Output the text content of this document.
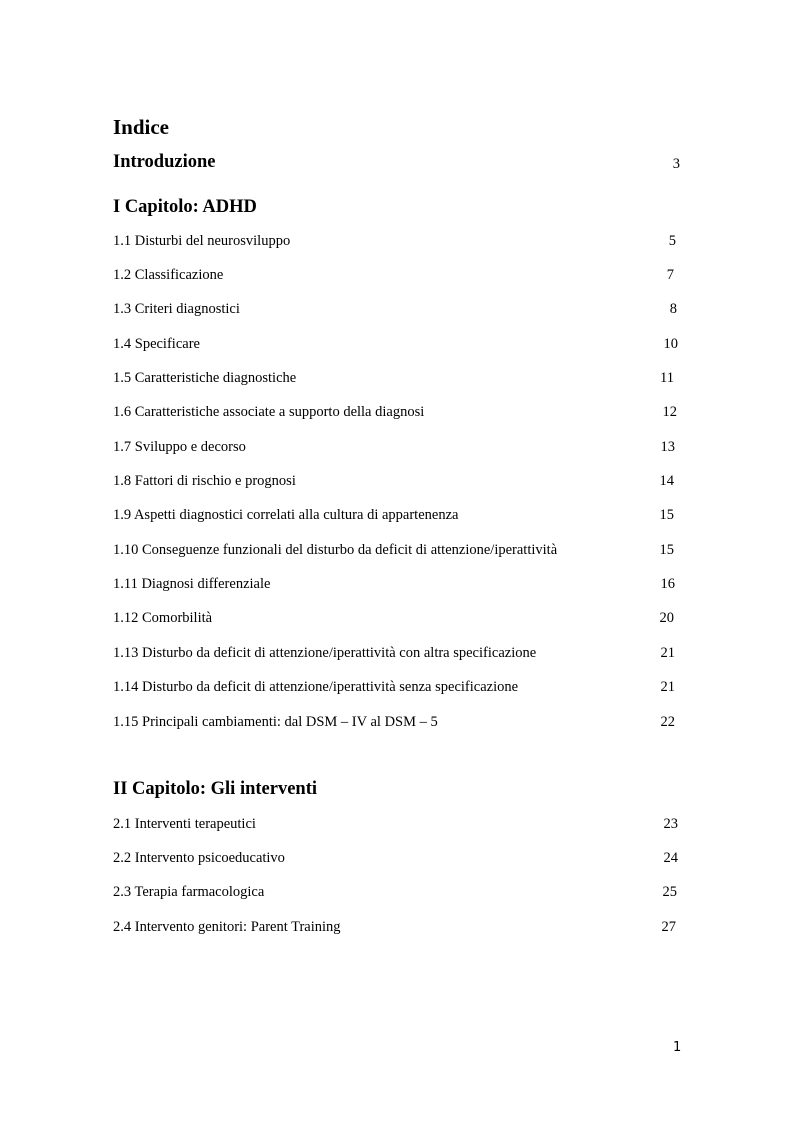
Indice
Introduzione	3
I Capitolo: ADHD
1.1 Disturbi del neurosviluppo	5
1.2 Classificazione	7
1.3 Criteri diagnostici	8
1.4 Specificare	10
1.5 Caratteristiche diagnostiche	11
1.6 Caratteristiche associate a supporto della diagnosi	12
1.7 Sviluppo e decorso	13
1.8 Fattori di rischio e prognosi	14
1.9 Aspetti diagnostici correlati alla cultura di appartenenza	15
1.10 Conseguenze funzionali del disturbo da deficit di attenzione/iperattività	15
1.11 Diagnosi differenziale	16
1.12 Comorbilità	20
1.13 Disturbo da deficit di attenzione/iperattività con altra specificazione	21
1.14 Disturbo da deficit di attenzione/iperattività senza specificazione	21
1.15 Principali cambiamenti: dal DSM – IV al DSM – 5	22
II Capitolo: Gli interventi
2.1 Interventi terapeutici	23
2.2 Intervento psicoeducativo	24
2.3 Terapia farmacologica	25
2.4 Intervento genitori: Parent Training	27
1
